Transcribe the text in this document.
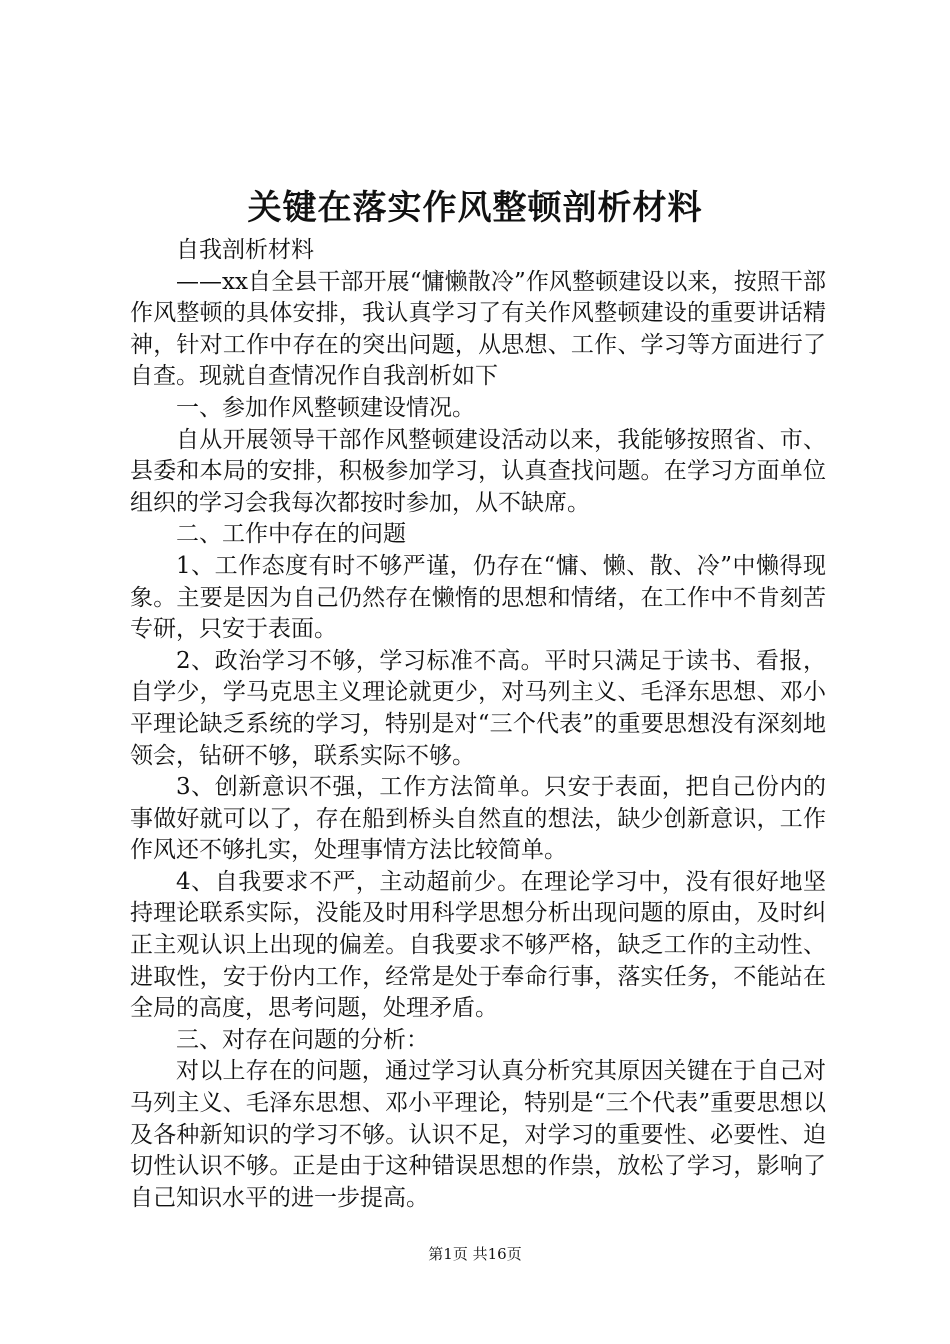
关键在落实作风整顿剖析材料

自我剖析材料

——xx自全县干部开展“慵懒散冷”作风整顿建设以来，按照干部作风整顿的具体安排，我认真学习了有关作风整顿建设的重要讲话精神，针对工作中存在的突出问题，从思想、工作、学习等方面进行了自查。现就自查情况作自我剖析如下

一、参加作风整顿建设情况。

自从开展领导干部作风整顿建设活动以来，我能够按照省、市、县委和本局的安排，积极参加学习，认真查找问题。在学习方面单位组织的学习会我每次都按时参加，从不缺席。

二、工作中存在的问题

1、工作态度有时不够严谨，仍存在“慵、懒、散、冷”中懒得现象。主要是因为自己仍然存在懒惰的思想和情绪，在工作中不肯刻苦专研，只安于表面。

2、政治学习不够，学习标准不高。平时只满足于读书、看报，自学少，学马克思主义理论就更少，对马列主义、毛泽东思想、邓小平理论缺乏系统的学习，特别是对“三个代表”的重要思想没有深刻地领会，钻研不够，联系实际不够。

3、创新意识不强，工作方法简单。只安于表面，把自己份内的事做好就可以了，存在船到桥头自然直的想法，缺少创新意识，工作作风还不够扎实，处理事情方法比较简单。

4、自我要求不严，主动超前少。在理论学习中，没有很好地坚持理论联系实际，没能及时用科学思想分析出现问题的原由，及时纠正主观认识上出现的偏差。自我要求不够严格，缺乏工作的主动性、进取性，安于份内工作，经常是处于奉命行事，落实任务，不能站在全局的高度，思考问题，处理矛盾。

三、对存在问题的分析：

对以上存在的问题，通过学习认真分析究其原因关键在于自己对马列主义、毛泽东思想、邓小平理论，特别是“三个代表”重要思想以及各种新知识的学习不够。认识不足，对学习的重要性、必要性、迫切性认识不够。正是由于这种错误思想的作祟，放松了学习，影响了自己知识水平的进一步提高。

第1页 共16页
